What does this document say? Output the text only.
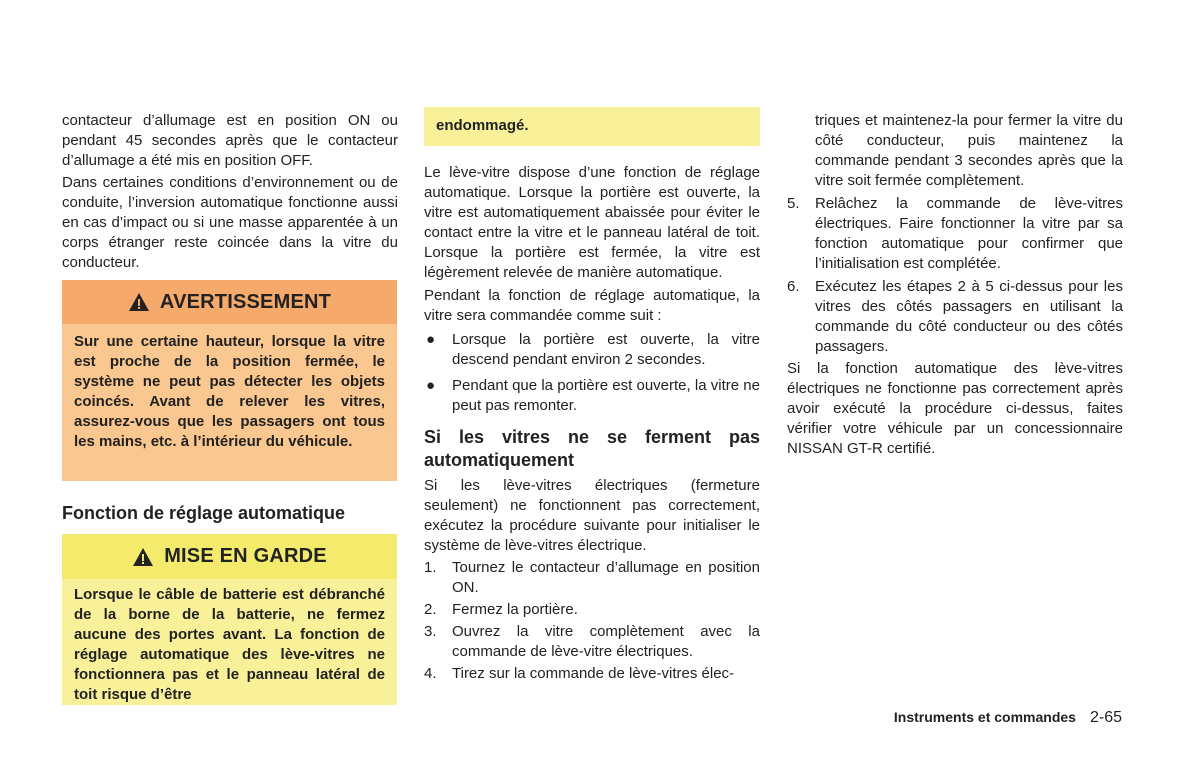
contacteur d’allumage est en position ON ou pendant 45 secondes après que le contacteur d’allumage a été mis en position OFF.

Dans certaines conditions d’environnement ou de conduite, l’inversion automatique fonctionne aussi en cas d’impact ou si une masse apparentée à un corps étranger reste coincée dans la vitre du conducteur.

AVERTISSEMENT
Sur une certaine hauteur, lorsque la vitre est proche de la position fermée, le système ne peut pas détecter les objets coincés. Avant de relever les vitres, assurez-vous que les passagers ont tous les mains, etc. à l’intérieur du véhicule.
Fonction de réglage automatique
MISE EN GARDE
Lorsque le câble de batterie est débranché de la borne de la batterie, ne fermez aucune des portes avant. La fonction de réglage automatique des lève-vitres ne fonctionnera pas et le panneau latéral de toit risque d’être
endommagé.

Le lève-vitre dispose d’une fonction de réglage automatique. Lorsque la portière est ouverte, la vitre est automatiquement abaissée pour éviter le contact entre la vitre et le panneau latéral de toit. Lorsque la portière est fermée, la vitre est légèrement relevée de manière automatique.

Pendant la fonction de réglage automatique, la vitre sera commandée comme suit :

● Lorsque la portière est ouverte, la vitre descend pendant environ 2 secondes.
● Pendant que la portière est ouverte, la vitre ne peut pas remonter.

Si les vitres ne se ferment pas automatiquement

Si les lève-vitres électriques (fermeture seulement) ne fonctionnent pas correctement, exécutez la procédure suivante pour initialiser le système de lève-vitres électrique.

1. Tournez le contacteur d’allumage en position ON.
2. Fermez la portière.
3. Ouvrez la vitre complètement avec la commande de lève-vitre électriques.
4. Tirez sur la commande de lève-vitres élec-

triques et maintenez-la pour fermer la vitre du côté conducteur, puis maintenez la commande pendant 3 secondes après que la vitre soit fermée complètement.

5. Relâchez la commande de lève-vitres électriques. Faire fonctionner la vitre par sa fonction automatique pour confirmer que l’initialisation est complétée.
6. Exécutez les étapes 2 à 5 ci-dessus pour les vitres des côtés passagers en utilisant la commande du côté conducteur ou des côtés passagers.

Si la fonction automatique des lève-vitres électriques ne fonctionne pas correctement après avoir exécuté la procédure ci-dessus, faites vérifier votre véhicule par un concessionnaire NISSAN GT-R certifié.

Instruments et commandes 2-65
